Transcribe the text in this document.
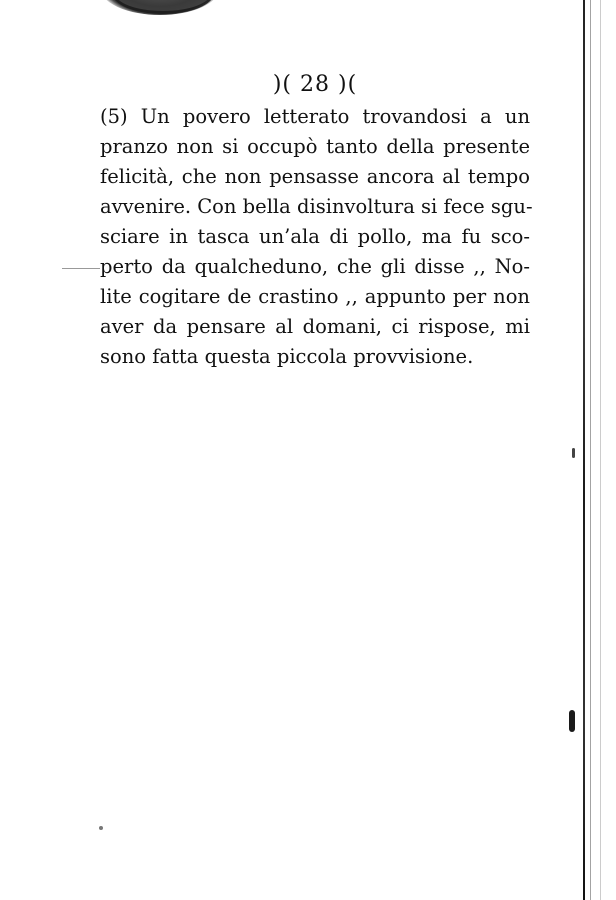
)( 28 )(
(5) Un povero letterato trovandosi a un
pranzo non si occupò tanto della presente
felicità, che non pensasse ancora al tempo
avvenire. Con bella disinvoltura si fece sgu-
sciare in tasca un’ala di pollo, ma fu sco-
perto da qualcheduno, che gli disse ,, No-
lite cogitare de crastino ,, appunto per non
aver da pensare al domani, ci rispose, mi
sono fatta questa piccola provvisione.
